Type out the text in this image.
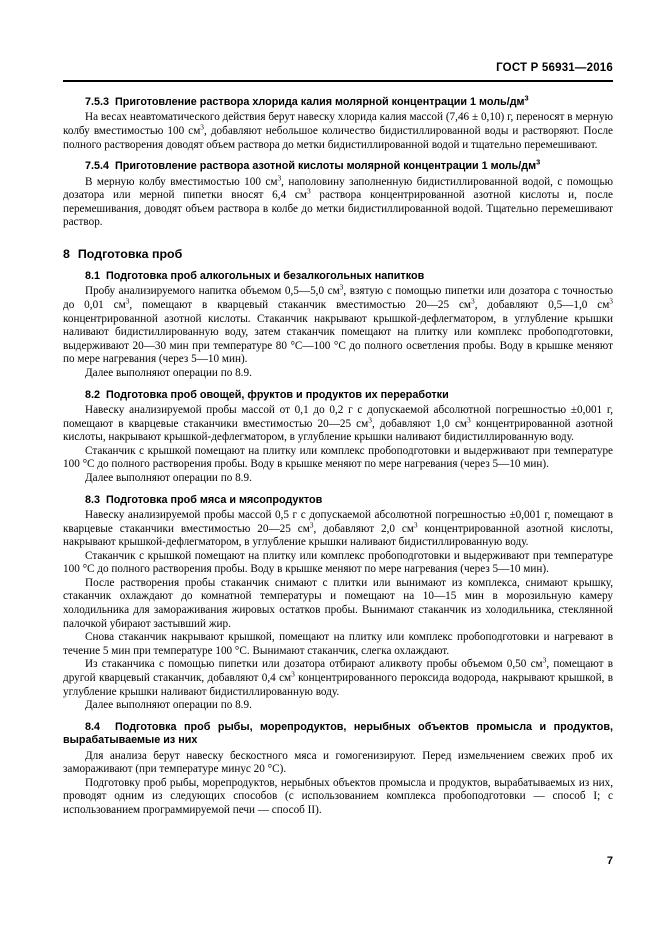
ГОСТ Р 56931—2016

7.5.3 Приготовление раствора хлорида калия молярной концентрации 1 моль/$дм^3$

На весах неавтоматического действия берут навеску хлорида калия массой (7,46 ± 0,10) г, переносят в мерную колбу вместимостью 100 $см^3$, добавляют небольшое количество бидистиллированной воды и растворяют. После полного растворения доводят объем раствора до метки бидистиллированной водой и тщательно перемешивают.

7.5.4 Приготовление раствора азотной кислоты молярной концентрации 1 моль/$дм^3$

В мерную колбу вместимостью 100 $см^3$, наполовину заполненную бидистиллированной водой, с помощью дозатора или мерной пипетки вносят 6,4 $см^3$ раствора концентрированной азотной кислоты и, после перемешивания, доводят объем раствора в колбе до метки бидистиллированной водой. Тщательно перемешивают раствор.

8 Подготовка проб

8.1 Подготовка проб алкогольных и безалкогольных напитков

Пробу анализируемого напитка объемом 0,5—5,0 $см^3$, взятую с помощью пипетки или дозатора с точностью до 0,01 $см^3$, помещают в кварцевый стаканчик вместимостью 20—25 $см^3$, добавляют 0,5—1,0 $см^3$ концентрированной азотной кислоты. Стаканчик накрывают крышкой-дефлегматором, в углубление крышки наливают бидистиллированную воду, затем стаканчик помещают на плитку или комплекс пробоподготовки, выдерживают 20—30 мин при температуре 80 °С—100 °С до полного осветления пробы. Воду в крышке меняют по мере нагревания (через 5—10 мин).

Далее выполняют операции по 8.9.

8.2 Подготовка проб овощей, фруктов и продуктов их переработки

Навеску анализируемой пробы массой от 0,1 до 0,2 г с допускаемой абсолютной погрешностью ±0,001 г, помещают в кварцевые стаканчики вместимостью 20—25 $см^3$, добавляют 1,0 $см^3$ концентрированной азотной кислоты, накрывают крышкой-дефлегматором, в углубление крышки наливают бидистиллированную воду.

Стаканчик с крышкой помещают на плитку или комплекс пробоподготовки и выдерживают при температуре 100 °С до полного растворения пробы. Воду в крышке меняют по мере нагревания (через 5—10 мин).

Далее выполняют операции по 8.9.

8.3 Подготовка проб мяса и мясопродуктов

Навеску анализируемой пробы массой 0,5 г с допускаемой абсолютной погрешностью ±0,001 г, помещают в кварцевые стаканчики вместимостью 20—25 $см^3$, добавляют 2,0 $см^3$ концентрированной азотной кислоты, накрывают крышкой-дефлегматором, в углубление крышки наливают бидистиллированную воду.

Стаканчик с крышкой помещают на плитку или комплекс пробоподготовки и выдерживают при температуре 100 °С до полного растворения пробы. Воду в крышке меняют по мере нагревания (через 5—10 мин).

После растворения пробы стаканчик снимают с плитки или вынимают из комплекса, снимают крышку, стаканчик охлаждают до комнатной температуры и помещают на 10—15 мин в морозильную камеру холодильника для замораживания жировых остатков пробы. Вынимают стаканчик из холодильника, стеклянной палочкой убирают застывший жир.

Снова стаканчик накрывают крышкой, помещают на плитку или комплекс пробоподготовки и нагревают в течение 5 мин при температуре 100 °С. Вынимают стаканчик, слегка охлаждают.

Из стаканчика с помощью пипетки или дозатора отбирают аликвоту пробы объемом 0,50 $см^3$, помещают в другой кварцевый стаканчик, добавляют 0,4 $см^3$ концентрированного пероксида водорода, накрывают крышкой, в углубление крышки наливают бидистиллированную воду.

Далее выполняют операции по 8.9.

8.4 Подготовка проб рыбы, морепродуктов, нерыбных объектов промысла и продуктов, вырабатываемые из них

Для анализа берут навеску бескостного мяса и гомогенизируют. Перед измельчением свежих проб их замораживают (при температуре минус 20 °С).

Подготовку проб рыбы, морепродуктов, нерыбных объектов промысла и продуктов, вырабатываемых из них, проводят одним из следующих способов (с использованием комплекса пробоподготовки — способ I; с использованием программируемой печи — способ II).

7
